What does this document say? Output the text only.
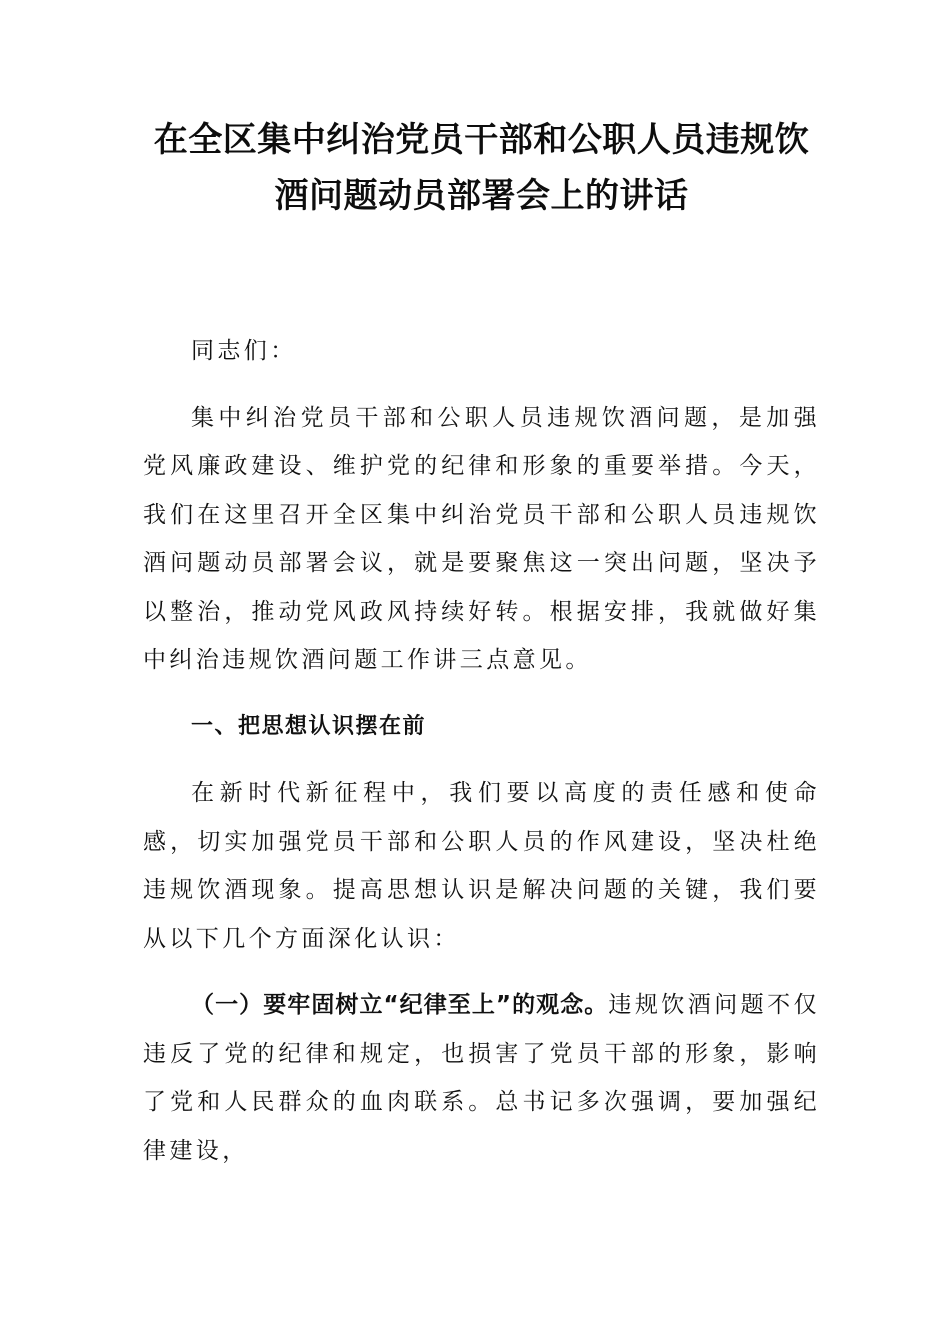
在全区集中纠治党员干部和公职人员违规饮
酒问题动员部署会上的讲话

同志们：

集中纠治党员干部和公职人员违规饮酒问题，是加强党风廉政建设、维护党的纪律和形象的重要举措。今天，我们在这里召开全区集中纠治党员干部和公职人员违规饮酒问题动员部署会议，就是要聚焦这一突出问题，坚决予以整治，推动党风政风持续好转。根据安排，我就做好集中纠治违规饮酒问题工作讲三点意见。

一、把思想认识摆在前

在新时代新征程中，我们要以高度的责任感和使命感，切实加强党员干部和公职人员的作风建设，坚决杜绝违规饮酒现象。提高思想认识是解决问题的关键，我们要从以下几个方面深化认识：

（一）要牢固树立“纪律至上”的观念。违规饮酒问题不仅违反了党的纪律和规定，也损害了党员干部的形象，影响了党和人民群众的血肉联系。总书记多次强调，要加强纪律建设，
